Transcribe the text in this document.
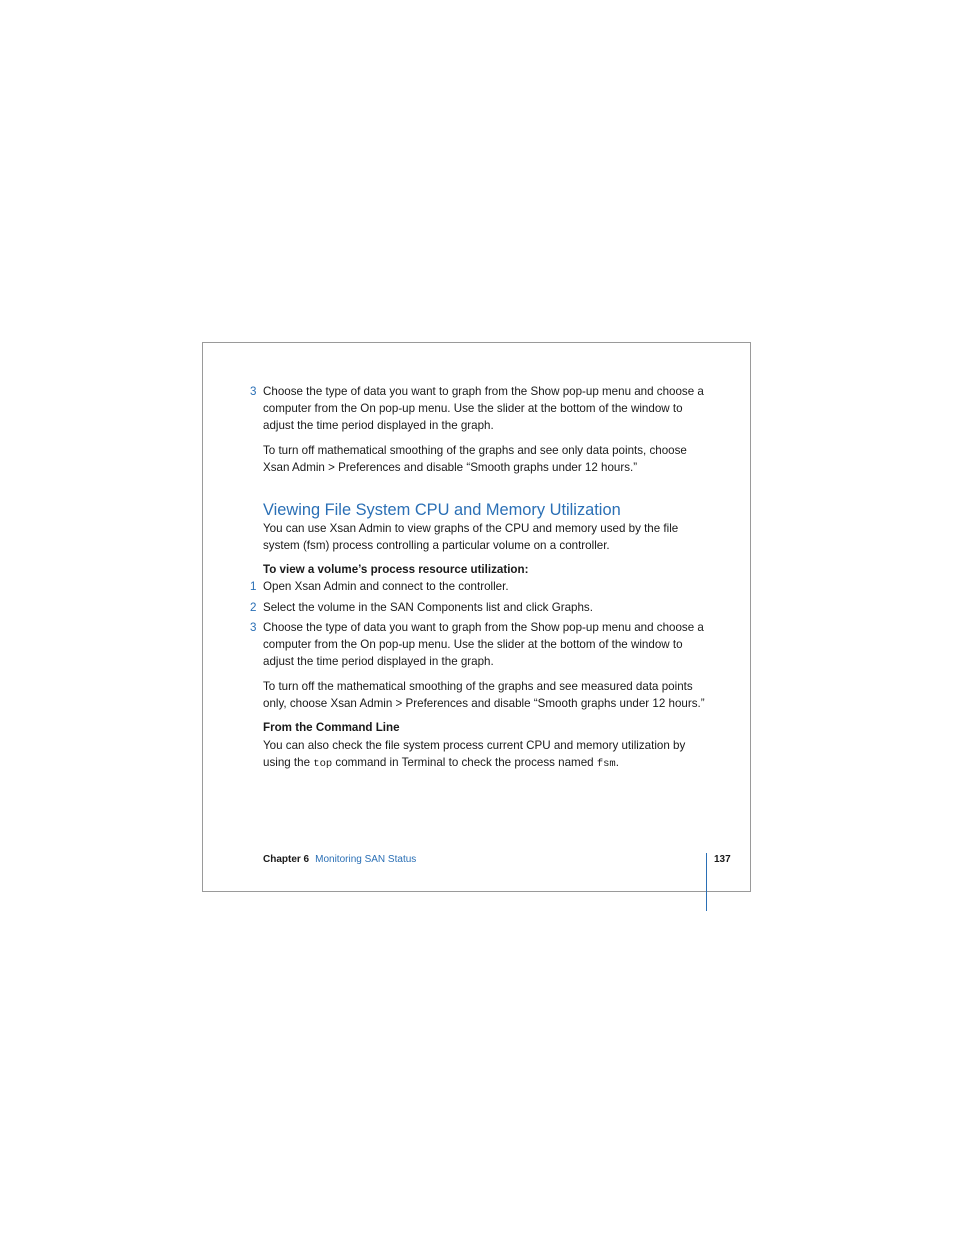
3 Choose the type of data you want to graph from the Show pop-up menu and choose a
computer from the On pop-up menu. Use the slider at the bottom of the window to
adjust the time period displayed in the graph.
To turn off mathematical smoothing of the graphs and see only data points, choose
Xsan Admin > Preferences and disable “Smooth graphs under 12 hours.”
Viewing File System CPU and Memory Utilization
You can use Xsan Admin to view graphs of the CPU and memory used by the file
system (fsm) process controlling a particular volume on a controller.
To view a volume’s process resource utilization:
1 Open Xsan Admin and connect to the controller.
2 Select the volume in the SAN Components list and click Graphs.
3 Choose the type of data you want to graph from the Show pop-up menu and choose a
computer from the On pop-up menu. Use the slider at the bottom of the window to
adjust the time period displayed in the graph.
To turn off the mathematical smoothing of the graphs and see measured data points
only, choose Xsan Admin > Preferences and disable “Smooth graphs under 12 hours.”
From the Command Line
You can also check the file system process current CPU and memory utilization by
using the top command in Terminal to check the process named fsm.
Chapter 6 Monitoring SAN Status	137
